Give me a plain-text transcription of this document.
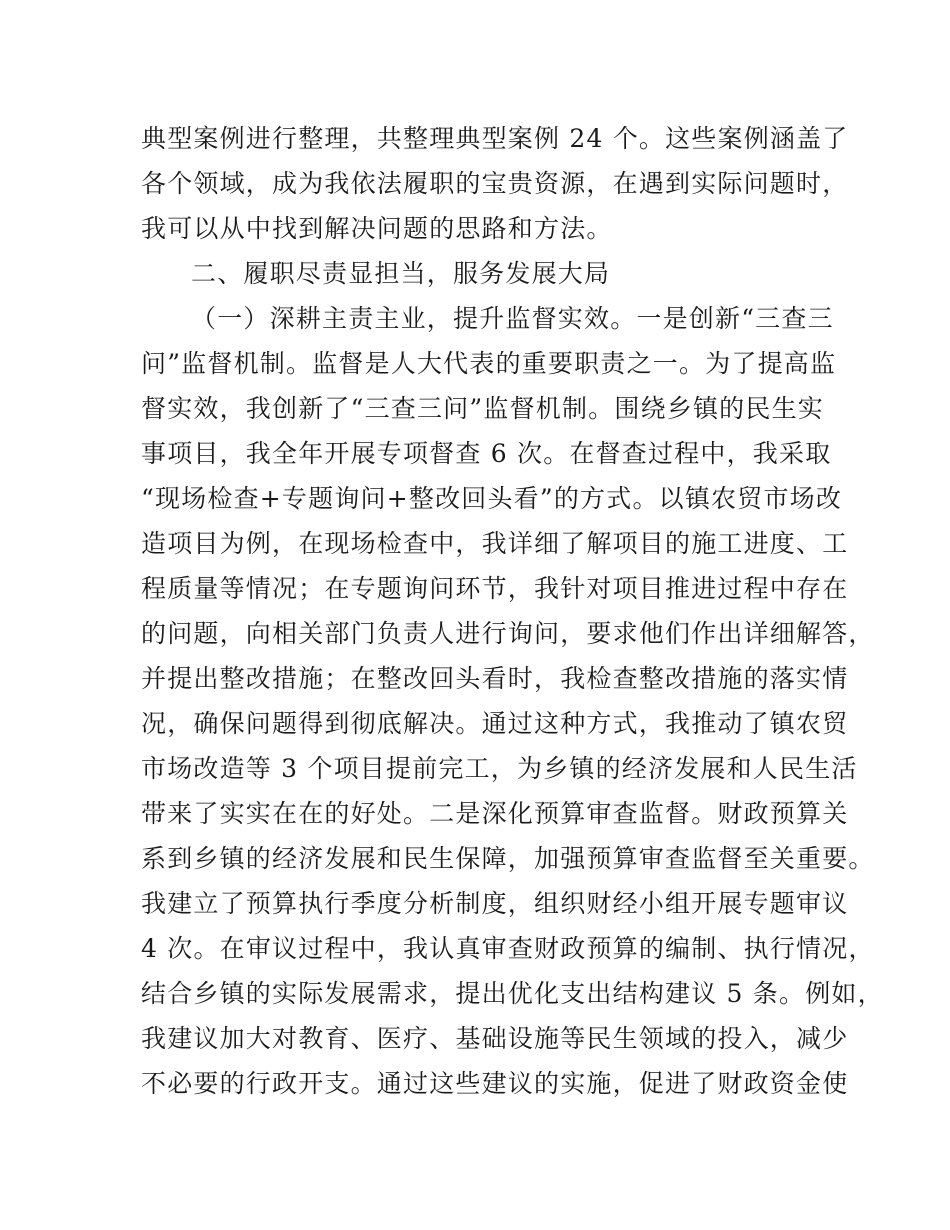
典型案例进行整理，共整理典型案例 24 个。这些案例涵盖了
各个领域，成为我依法履职的宝贵资源，在遇到实际问题时，
我可以从中找到解决问题的思路和方法。
二、履职尽责显担当，服务发展大局
（一）深耕主责主业，提升监督实效。一是创新“三查三
问”监督机制。监督是人大代表的重要职责之一。为了提高监
督实效，我创新了“三查三问”监督机制。围绕乡镇的民生实
事项目，我全年开展专项督查 6 次。在督查过程中，我采取
“现场检查+专题询问+整改回头看”的方式。以镇农贸市场改
造项目为例，在现场检查中，我详细了解项目的施工进度、工
程质量等情况；在专题询问环节，我针对项目推进过程中存在
的问题，向相关部门负责人进行询问，要求他们作出详细解答，
并提出整改措施；在整改回头看时，我检查整改措施的落实情
况，确保问题得到彻底解决。通过这种方式，我推动了镇农贸
市场改造等 3 个项目提前完工，为乡镇的经济发展和人民生活
带来了实实在在的好处。二是深化预算审查监督。财政预算关
系到乡镇的经济发展和民生保障，加强预算审查监督至关重要。
我建立了预算执行季度分析制度，组织财经小组开展专题审议
4 次。在审议过程中，我认真审查财政预算的编制、执行情况，
结合乡镇的实际发展需求，提出优化支出结构建议 5 条。例如，
我建议加大对教育、医疗、基础设施等民生领域的投入，减少
不必要的行政开支。通过这些建议的实施，促进了财政资金使
